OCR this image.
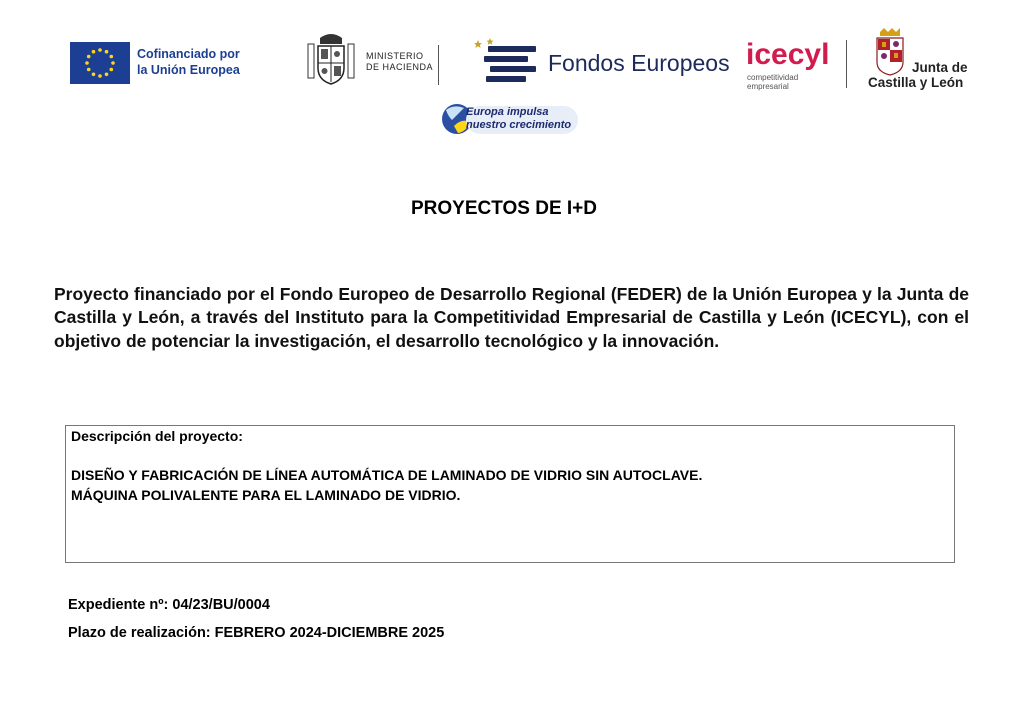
Cofinanciado por
la Unión Europea
MINISTERIO
DE HACIENDA	Fondos Europeos icecyl
competitividad
empresarial
Junta de
Castilla y León
Europa impulsa
nuestro crecimiento
PROYECTOS DE I+D
Proyecto financiado por el Fondo Europeo de Desarrollo Regional (FEDER) de la Unión Europea y la Junta de Castilla y León, a través del Instituto para la Competitividad Empresarial de Castilla y León (ICECYL), con el objetivo de potenciar la investigación, el desarrollo tecnológico y la innovación.
Descripción del proyecto:
DISEÑO Y FABRICACIÓN DE LÍNEA AUTOMÁTICA DE LAMINADO DE VIDRIO SIN AUTOCLAVE.
MÁQUINA POLIVALENTE PARA EL LAMINADO DE VIDRIO.
Expediente nº: 04/23/BU/0004
Plazo de realización: FEBRERO 2024-DICIEMBRE 2025
